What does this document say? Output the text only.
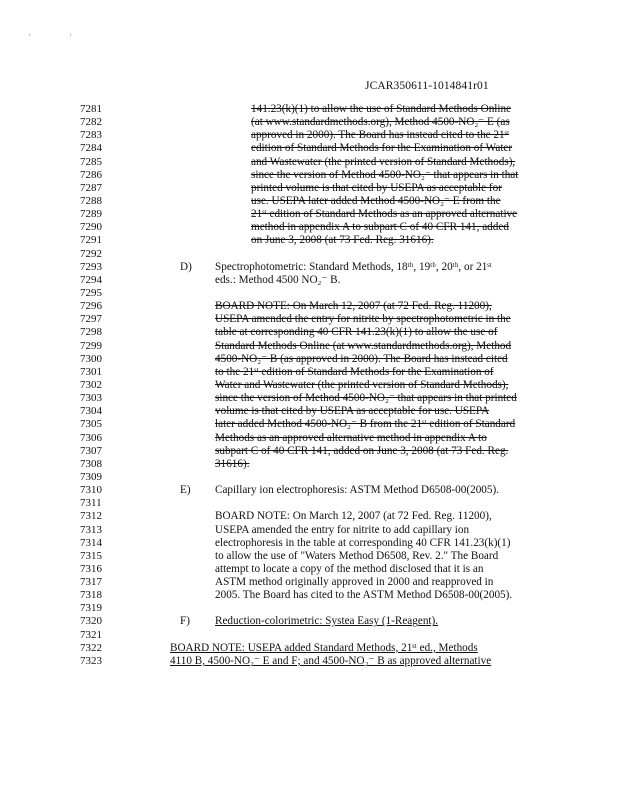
· ·
JCAR350611-1014841r01
7281	141.23(k)(1) to allow the use of Standard Methods Online
7282	(at www.standardmethods.org), Method 4500-NO₂⁻ E (as
7283	approved in 2000). The Board has instead cited to the 21ˢᵗ
7284	edition of Standard Methods for the Examination of Water
7285	and Wastewater (the printed version of Standard Methods),
7286	since the version of Method 4500-NO₂⁻ that appears in that
7287	printed volume is that cited by USEPA as acceptable for
7288	use. USEPA later added Method 4500-NO₂⁻ E from the
7289	21ˢᵗ edition of Standard Methods as an approved alternative
7290	method in appendix A to subpart C of 40 CFR 141, added
7291	on June 3, 2008 (at 73 Fed. Reg. 31616).
7292
7293	D) Spectrophotometric: Standard Methods, 18ᵗʰ, 19ᵗʰ, 20ᵗʰ, or 21ˢᵗ
7294	eds.: Method 4500 NO₂⁻ B.
7295
7296	BOARD NOTE: On March 12, 2007 (at 72 Fed. Reg. 11200),
7297	USEPA amended the entry for nitrite by spectrophotometric in the
7298	table at corresponding 40 CFR 141.23(k)(1) to allow the use of
7299	Standard Methods Online (at www.standardmethods.org), Method
7300	4500-NO₂⁻ B (as approved in 2000). The Board has instead cited
7301	to the 21ˢᵗ edition of Standard Methods for the Examination of
7302	Water and Wastewater (the printed version of Standard Methods),
7303	since the version of Method 4500-NO₂⁻ that appears in that printed
7304	volume is that cited by USEPA as acceptable for use. USEPA
7305	later added Method 4500-NO₂⁻ B from the 21ˢᵗ edition of Standard
7306	Methods as an approved alternative method in appendix A to
7307	subpart C of 40 CFR 141, added on June 3, 2008 (at 73 Fed. Reg.
7308	31616).
7309
7310	E) Capillary ion electrophoresis: ASTM Method D6508-00(2005).
7311
7312	BOARD NOTE: On March 12, 2007 (at 72 Fed. Reg. 11200),
7313	USEPA amended the entry for nitrite to add capillary ion
7314	electrophoresis in the table at corresponding 40 CFR 141.23(k)(1)
7315	to allow the use of "Waters Method D6508, Rev. 2." The Board
7316	attempt to locate a copy of the method disclosed that it is an
7317	ASTM method originally approved in 2000 and reapproved in
7318	2005. The Board has cited to the ASTM Method D6508-00(2005).
7319
7320	F) Reduction-colorimetric: Systea Easy (1-Reagent).
7321
7322	BOARD NOTE: USEPA added Standard Methods, 21ˢᵗ ed., Methods
7323	4110 B, 4500-NO₂⁻ E and F; and 4500-NO₂⁻ B as approved alternative
